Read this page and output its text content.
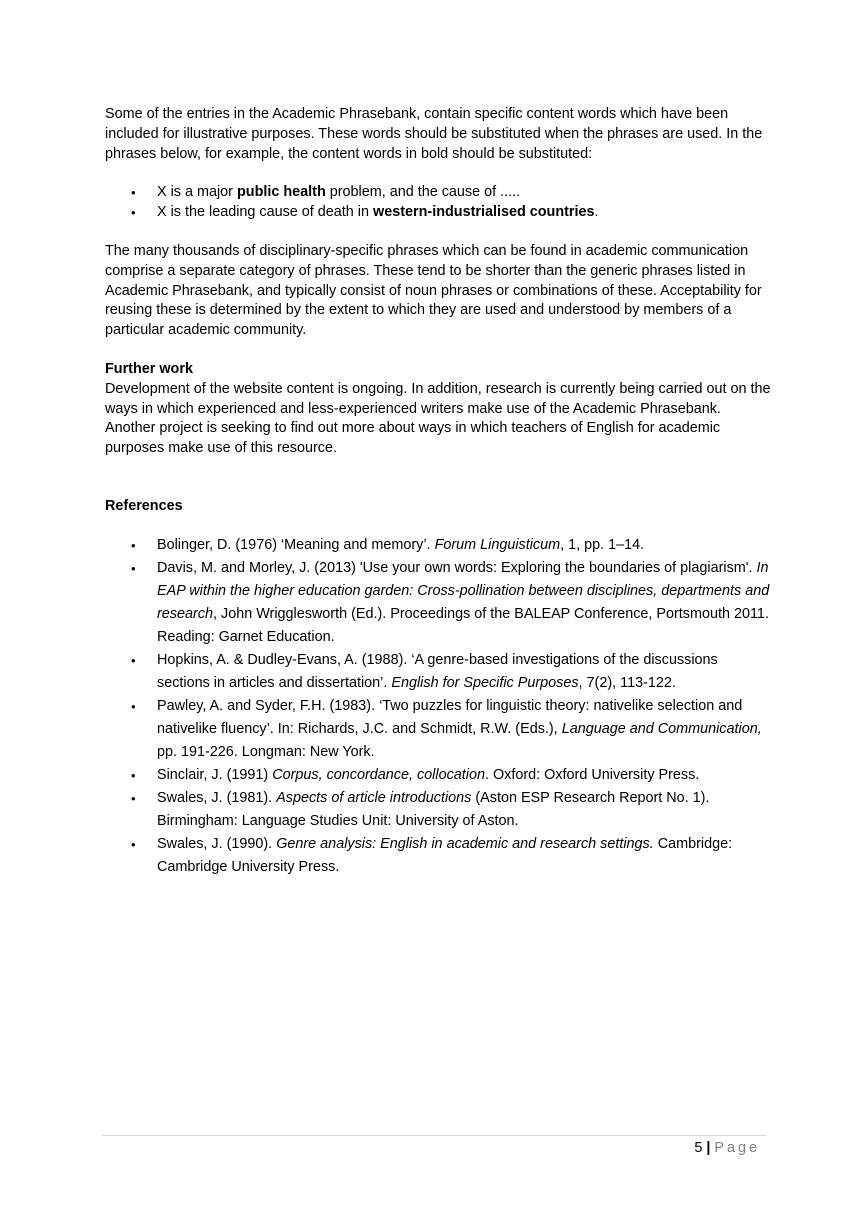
Some of the entries in the Academic Phrasebank, contain specific content words which have been included for illustrative purposes. These words should be substituted when the phrases are used. In the phrases below, for example, the content words in bold should be substituted:

• X is a major public health problem, and the cause of .....
• X is the leading cause of death in western-industrialised countries.

The many thousands of disciplinary-specific phrases which can be found in academic communication comprise a separate category of phrases. These tend to be shorter than the generic phrases listed in Academic Phrasebank, and typically consist of noun phrases or combinations of these. Acceptability for reusing these is determined by the extent to which they are used and understood by members of a particular academic community.

Further work

Development of the website content is ongoing. In addition, research is currently being carried out on the ways in which experienced and less-experienced writers make use of the Academic Phrasebank. Another project is seeking to find out more about ways in which teachers of English for academic purposes make use of this resource.

References

• Bolinger, D. (1976) ‘Meaning and memory’. Forum Linguisticum, 1, pp. 1–14.
• Davis, M. and Morley, J. (2013) 'Use your own words: Exploring the boundaries of plagiarism'. In EAP within the higher education garden: Cross-pollination between disciplines, departments and research, John Wrigglesworth (Ed.). Proceedings of the BALEAP Conference, Portsmouth 2011. Reading: Garnet Education.
• Hopkins, A. & Dudley-Evans, A. (1988). ‘A genre-based investigations of the discussions sections in articles and dissertation’. English for Specific Purposes, 7(2), 113-122.
• Pawley, A. and Syder, F.H. (1983). ‘Two puzzles for linguistic theory: nativelike selection and nativelike fluency’. In: Richards, J.C. and Schmidt, R.W. (Eds.), Language and Communication, pp. 191-226. Longman: New York.
• Sinclair, J. (1991) Corpus, concordance, collocation. Oxford: Oxford University Press.
• Swales, J. (1981). Aspects of article introductions (Aston ESP Research Report No. 1). Birmingham: Language Studies Unit: University of Aston.
• Swales, J. (1990). Genre analysis: English in academic and research settings. Cambridge: Cambridge University Press.
5 | Page
